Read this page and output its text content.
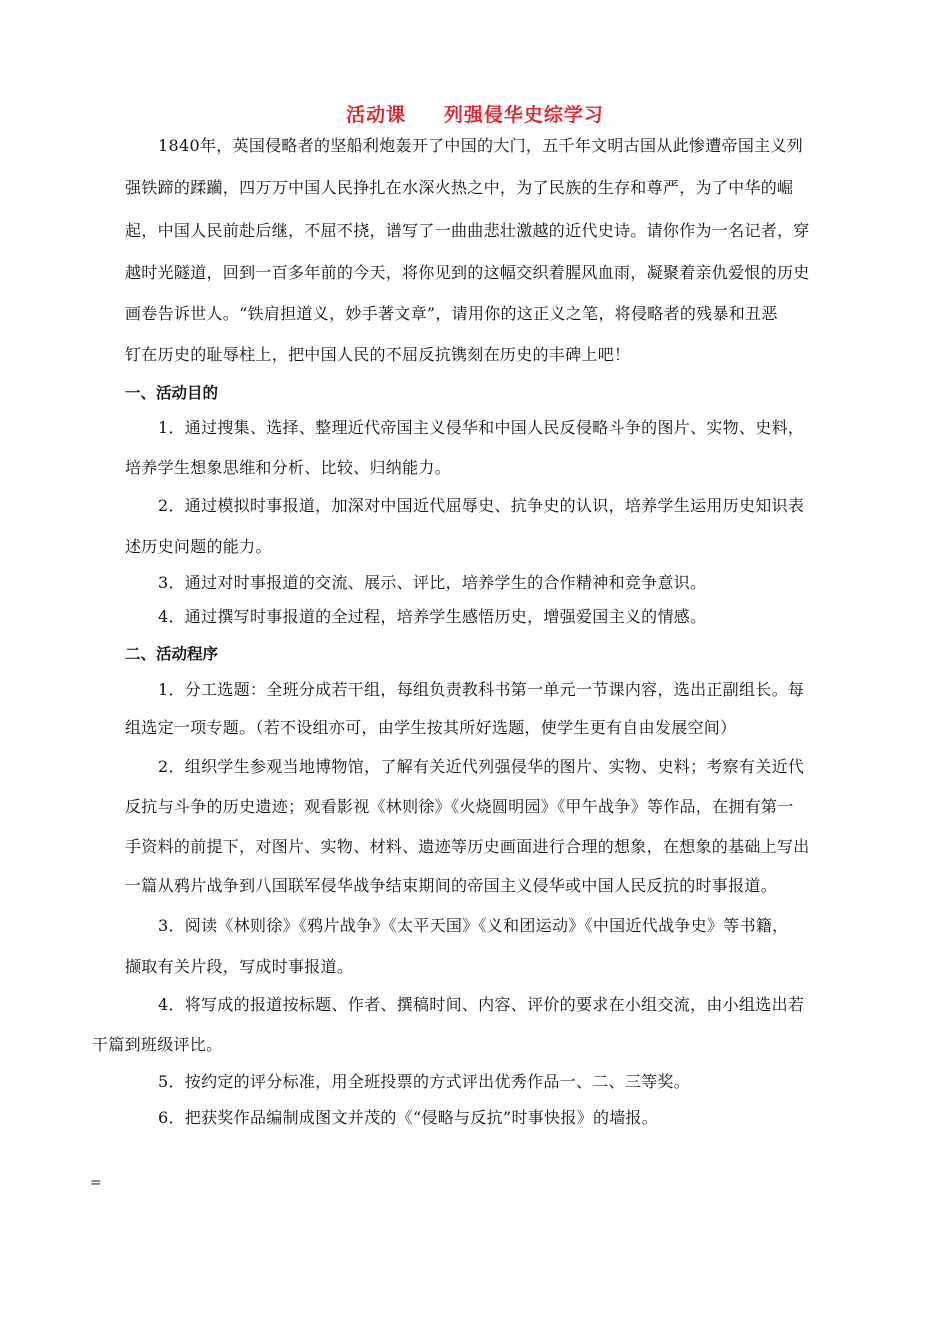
活动课 列强侵华史综学习
1840年，英国侵略者的坚船利炮轰开了中国的大门，五千年文明古国从此惨遭帝国主义列
强铁蹄的蹂躏，四万万中国人民挣扎在水深火热之中，为了民族的生存和尊严，为了中华的崛
起，中国人民前赴后继，不屈不挠，谱写了一曲曲悲壮激越的近代史诗。请你作为一名记者，穿
越时光隧道，回到一百多年前的今天，将你见到的这幅交织着腥风血雨，凝聚着亲仇爱恨的历史
画卷告诉世人。“铁肩担道义，妙手著文章”，请用你的这正义之笔，将侵略者的残暴和丑恶
钉在历史的耻辱柱上，把中国人民的不屈反抗镌刻在历史的丰碑上吧！
一、活动目的
1．通过搜集、选择、整理近代帝国主义侵华和中国人民反侵略斗争的图片、实物、史料，
培养学生想象思维和分析、比较、归纳能力。
2．通过模拟时事报道，加深对中国近代屈辱史、抗争史的认识，培养学生运用历史知识表
述历史问题的能力。
3．通过对时事报道的交流、展示、评比，培养学生的合作精神和竞争意识。
4．通过撰写时事报道的全过程，培养学生感悟历史，增强爱国主义的情感。
二、活动程序
1．分工选题：全班分成若干组，每组负责教科书第一单元一节课内容，选出正副组长。每
组选定一项专题。（若不设组亦可，由学生按其所好选题，使学生更有自由发展空间）
2．组织学生参观当地博物馆，了解有关近代列强侵华的图片、实物、史料；考察有关近代
反抗与斗争的历史遗迹；观看影视《林则徐》《火烧圆明园》《甲午战争》等作品，在拥有第一
手资料的前提下，对图片、实物、材料、遗迹等历史画面进行合理的想象，在想象的基础上写出
一篇从鸦片战争到八国联军侵华战争结束期间的帝国主义侵华或中国人民反抗的时事报道。
3．阅读《林则徐》《鸦片战争》《太平天国》《义和团运动》《中国近代战争史》等书籍，
撷取有关片段，写成时事报道。
4．将写成的报道按标题、作者、撰稿时间、内容、评价的要求在小组交流，由小组选出若
干篇到班级评比。
5．按约定的评分标准，用全班投票的方式评出优秀作品一、二、三等奖。
6．把获奖作品编制成图文并茂的《“侵略与反抗”时事快报》的墙报。
=
